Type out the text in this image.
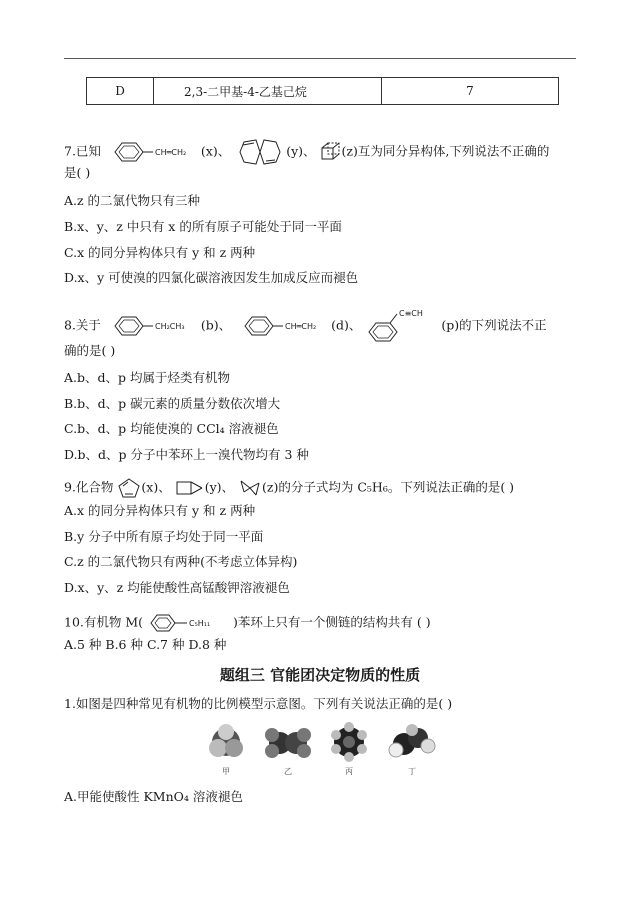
D	2,3-二甲基-4-乙基己烷	7
7.已知	CH═CH₂ (x)、	(y)、 (z)互为同分异构体,下列说法不正确的
是( )
A.z 的二氯代物只有三种
B.x、y、z 中只有 x 的所有原子可能处于同一平面
C.x 的同分异构体只有 y 和 z 两种
D.x、y 可使溴的四氯化碳溶液因发生加成反应而褪色
8.关于	CH₂CH₃ (b)、	CH═CH₂ (d)、
C≡CH
(p)的下列说法不正
确的是( )
A.b、d、p 均属于烃类有机物
B.b、d、p 碳元素的质量分数依次增大
C.b、d、p 均能使溴的 CCl₄ 溶液褪色
D.b、d、p 分子中苯环上一溴代物均有 3 种
9.化合物 (x)、	(y)、 (z)的分子式均为 C₅H₆。下列说法正确的是( )
A.x 的同分异构体只有 y 和 z 两种
B.y 分子中所有原子均处于同一平面
C.z 的二氯代物只有两种(不考虑立体异构)
D.x、y、z 均能使酸性高锰酸钾溶液褪色
10.有机物 M(	C₅H₁₁ )苯环上只有一个侧链的结构共有 ( )
A.5 种 B.6 种 C.7 种 D.8 种
题组三 官能团决定物质的性质
1.如图是四种常见有机物的比例模型示意图。下列有关说法正确的是( )
甲	乙	丙	丁
A.甲能使酸性 KMnO₄ 溶液褪色
